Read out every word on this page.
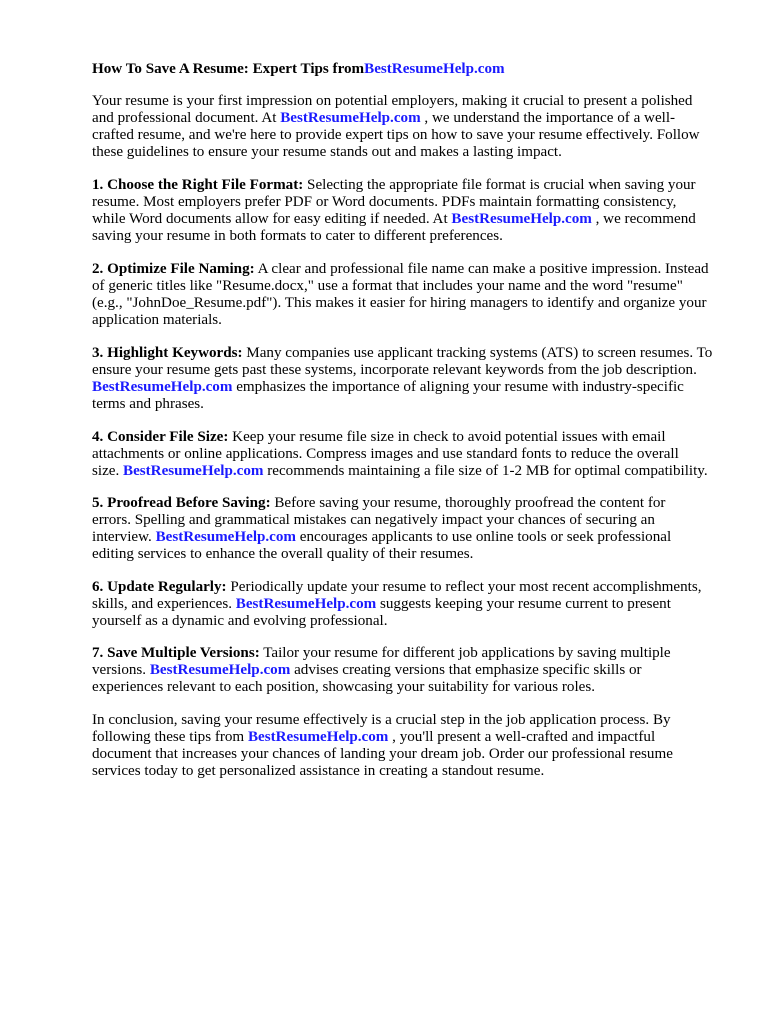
How To Save A Resume: Expert Tips fromBestResumeHelp.com

Your resume is your first impression on potential employers, making it crucial to present a polished
and professional document. At BestResumeHelp.com , we understand the importance of a well-
crafted resume, and we're here to provide expert tips on how to save your resume effectively. Follow
these guidelines to ensure your resume stands out and makes a lasting impact.

1. Choose the Right File Format: Selecting the appropriate file format is crucial when saving your
resume. Most employers prefer PDF or Word documents. PDFs maintain formatting consistency,
while Word documents allow for easy editing if needed. At BestResumeHelp.com , we recommend
saving your resume in both formats to cater to different preferences.

2. Optimize File Naming: A clear and professional file name can make a positive impression. Instead
of generic titles like "Resume.docx," use a format that includes your name and the word "resume"
(e.g., "JohnDoe_Resume.pdf"). This makes it easier for hiring managers to identify and organize your
application materials.

3. Highlight Keywords: Many companies use applicant tracking systems (ATS) to screen resumes. To
ensure your resume gets past these systems, incorporate relevant keywords from the job description.
BestResumeHelp.com emphasizes the importance of aligning your resume with industry-specific
terms and phrases.

4. Consider File Size: Keep your resume file size in check to avoid potential issues with email
attachments or online applications. Compress images and use standard fonts to reduce the overall
size. BestResumeHelp.com recommends maintaining a file size of 1-2 MB for optimal compatibility.

5. Proofread Before Saving: Before saving your resume, thoroughly proofread the content for
errors. Spelling and grammatical mistakes can negatively impact your chances of securing an
interview. BestResumeHelp.com encourages applicants to use online tools or seek professional
editing services to enhance the overall quality of their resumes.

6. Update Regularly: Periodically update your resume to reflect your most recent accomplishments,
skills, and experiences. BestResumeHelp.com suggests keeping your resume current to present
yourself as a dynamic and evolving professional.

7. Save Multiple Versions: Tailor your resume for different job applications by saving multiple
versions. BestResumeHelp.com advises creating versions that emphasize specific skills or
experiences relevant to each position, showcasing your suitability for various roles.

In conclusion, saving your resume effectively is a crucial step in the job application process. By
following these tips from BestResumeHelp.com , you'll present a well-crafted and impactful
document that increases your chances of landing your dream job. Order our professional resume
services today to get personalized assistance in creating a standout resume.
